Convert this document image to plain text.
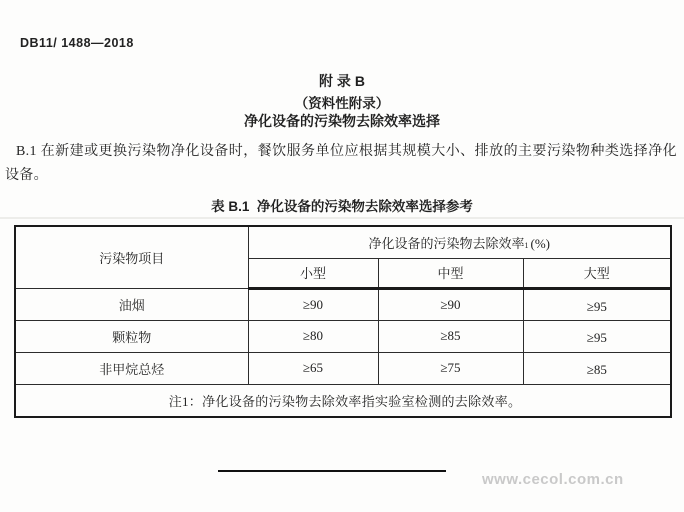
DB11/ 1488—2018
附 录 B
（资料性附录）
净化设备的污染物去除效率选择
B.1 在新建或更换污染物净化设备时，餐饮服务单位应根据其规模大小、排放的主要污染物种类选择净化设备。
表 B.1  净化设备的污染物去除效率选择参考
污染物项目	净化设备的污染物去除效率1 (%)		
	小型	中型	大型
油烟	≥90	≥90	≥95
颗粒物	≥80	≥85	≥95
非甲烷总烃	≥65	≥75	≥85
注1：净化设备的污染物去除效率指实验室检测的去除效率。			
www.cecol.com.cn
